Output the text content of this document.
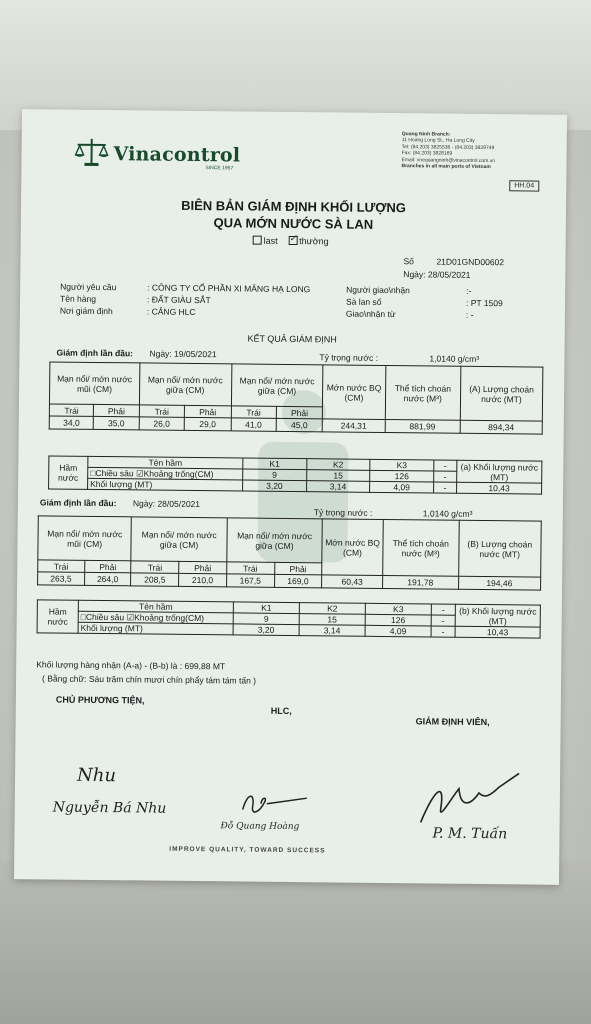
Vinacontrol
SINCE 1957
Quang Ninh Branch:
11 Hoang Long St., Ha Long City
Tel: (84.203) 3825536 - (84.203) 3829749
Fax: (84.203) 3828169
Email: vnequangninh@vinacontrol.com.vn
Branches in all main ports of Vietnam
HH.04
BIÊN BẢN GIÁM ĐỊNH KHỐI LƯỢNG
QUA MỚN NƯỚC SÀ LAN
last ✓ thường
Số	21D01GND00602
Ngày: 28/05/2021
Người yêu cầu	: CÔNG TY CỔ PHẦN XI MĂNG HẠ LONG
Tên hàng	: ĐẤT GIÀU SẮT
Nơi giám định	: CẢNG HLC
Người giao\nhận	:-
Sà lan số	: PT 1509
Giao\nhận từ	: -
KẾT QUẢ GIÁM ĐỊNH
Giám định lần đầu: Ngày: 19/05/2021	Tỷ trọng nước :	1,0140 g/cm³
Mạn nổi/ mớn nước mũi (CM)		Mạn nổi/ mớn nước giữa (CM)		Mạn nổi/ mớn nước giữa (CM)		Mớn nước BQ (CM)	Thể tích choán nước (M³)	(A) Lượng choán nước (MT)
Trái	Phải	Trái	Phải	Trái	Phải			
34,0	35,0	26,0	29,0	41,0	45,0	244,31	881,99	894,34
Hầm nước	Tên hầm	K1	K2	K3	-	(a) Khối lượng nước (MT)
	□Chiều sâu ☑Khoảng trống(CM)	9	15	126	-	
	Khối lượng (MT)	3,20	3,14	4,09	-	10,43
Giám định lần đầu: Ngày: 28/05/2021
Tỷ trọng nước :	1,0140 g/cm³
Mạn nổi/ mớn nước mũi (CM)		Mạn nổi/ mớn nước giữa (CM)		Mạn nổi/ mớn nước giữa (CM)		Mớn nước BQ (CM)	Thể tích choán nước (M³)	(B) Lượng choán nước (MT)
Trái	Phải	Trái	Phải	Trái	Phải			
263,5	264,0	208,5	210,0	167,5	169,0	60,43	191,78	194,46
Hầm nước	Tên hầm	K1	K2	K3	-	(b) Khối lượng nước (MT)
	□Chiều sâu ☑Khoảng trống(CM)	9	15	126	-	
	Khối lượng (MT)	3,20	3,14	4,09	-	10,43
Khối lượng hàng nhận (A-a) - (B-b) là : 699,88 MT
( Bằng chữ: Sáu trăm chín mươi chín phẩy tám tám tấn )
CHỦ PHƯƠNG TIỆN,
HLC,
GIÁM ĐỊNH VIÊN,
Nhu
Nguyễn Bá Nhu
Đỗ Quang Hoàng	P. M. Tuấn
IMPROVE QUALITY, TOWARD SUCCESS
